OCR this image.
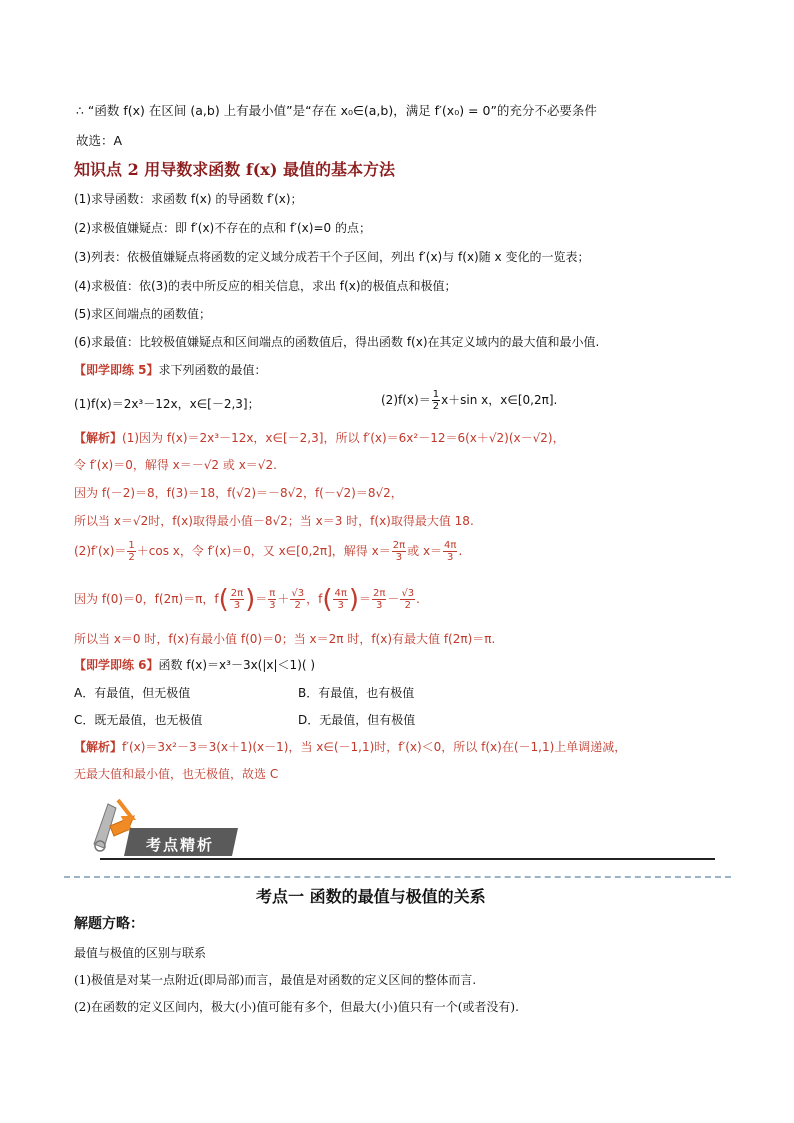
∴ “函数 f(x) 在区间 (a,b) 上有最小值”是“存在 x₀∈(a,b)，满足 f′(x₀) = 0”的充分不必要条件
故选：A
知识点 2 用导数求函数 f(x) 最值的基本方法
(1)求导函数：求函数 f(x) 的导函数 f′(x)；
(2)求极值嫌疑点：即 f′(x)不存在的点和 f′(x)=0 的点；
(3)列表：依极值嫌疑点将函数的定义域分成若干个子区间，列出 f′(x)与 f(x)随 x 变化的一览表；
(4)求极值：依(3)的表中所反应的相关信息，求出 f(x)的极值点和极值；
(5)求区间端点的函数值；
(6)求最值：比较极值嫌疑点和区间端点的函数值后，得出函数 f(x)在其定义域内的最大值和最小值.
【即学即练 5】求下列函数的最值：
(1)f(x)＝2x³－12x，x∈[－2,3]；	$(2)f(x)= \frac{1}{2} x+\sin$ x，x∈[0,2π].
【解析】(1)因为 f(x)＝2x³－12x，x∈[－2,3]，所以 f′(x)＝6x²－12＝6(x＋√2)(x－√2)，
令 f′(x)＝0，解得 x＝－√2 或 x＝√2.
因为 f(－2)＝8，f(3)＝18，f(√2)＝－8√2，f(－√2)＝8√2，
所以当 x＝√2时，f(x)取得最小值－8√2；当 x＝3 时，f(x)取得最大值 18.
$(2)f'(x)= \frac{1}{2} +\cos$ x，令 f′(x)＝0，又 x∈[0,2π]，解得 $x= \frac{2\pi}{3}$ 或 $x= \frac{4\pi}{3}$ .
因为 f(0)＝0，f(2π)＝π，$f( \frac{2\pi}{3}$ )＝ $\frac{\pi}{3} + \frac{√3}{2}$ ，$f( \frac{4\pi}{3}$ )＝ $\frac{2\pi}{3} - \frac{√3}{2}$ .
所以当 x＝0 时，f(x)有最小值 f(0)＝0；当 x＝2π 时，f(x)有最大值 f(2π)＝π.
【即学即练 6】函数 f(x)＝x³－3x(|x|＜1)( )
A．有最值，但无极值	B．有最值，也有极值
C．既无最值，也无极值	D．无最值，但有极值
【解析】f′(x)＝3x²－3＝3(x＋1)(x－1)，当 x∈(－1,1)时，f′(x)＜0，所以 f(x)在(－1,1)上单调递减，
无最大值和最小值，也无极值，故选 C
考点精析
考点一 函数的最值与极值的关系
解题方略：
最值与极值的区别与联系
(1)极值是对某一点附近(即局部)而言，最值是对函数的定义区间的整体而言.
(2)在函数的定义区间内，极大(小)值可能有多个，但最大(小)值只有一个(或者没有).
